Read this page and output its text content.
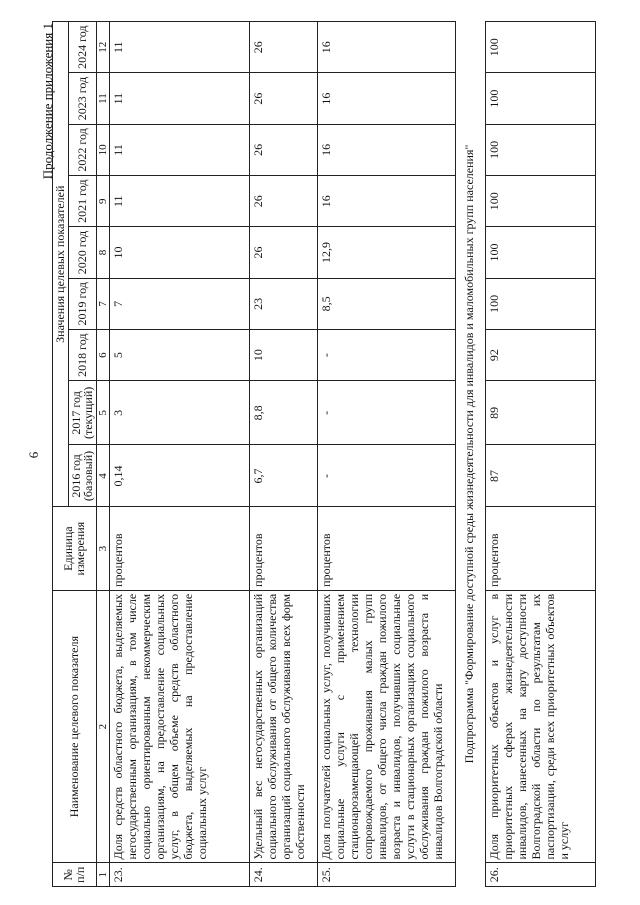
6
Продолжение приложения 1
№ п/п	Наименование целевого показателя	Единица измерения	Значения целевых показателей								
			2016 год (базовый)	2017 год (текущий)	2018 год	2019 год	2020 год	2021 год	2022 год	2023 год	2024 год
1	2	3	4	5	6	7	8	9	10	11	12
23.	Доля средств областного бюджета, выделяемых негосударственным организациям, в том числе социально ориентированным некоммерческим организациям, на предоставление социальных услуг, в общем объеме средств областного бюджета, выделяемых на предоставление социальных услуг	процентов	0,14	3	5	7	10	11	11	11	11
24.	Удельный вес негосударственных организаций социального обслуживания от общего количества организаций социального обслуживания всех форм собственности	процентов	6,7	8,8	10	23	26	26	26	26	26
25.	Доля получателей социальных услуг, получивших социальные услуги с применением стационарозамещающей технологии сопровождаемого проживания малых групп инвалидов, от общего числа граждан пожилого возраста и инвалидов, получивших социальные услуги в стационарных организациях социального обслуживания граждан пожилого возраста и инвалидов Волгоградской области	процентов	-	-	-	8,5	12,9	16	16	16	16
Подпрограмма "Формирование доступной среды жизнедеятельности для инвалидов и маломобильных групп населения"											
26.	Доля приоритетных объектов и услуг в приоритетных сферах жизнедеятельности инвалидов, нанесенных на карту доступности Волгоградской области по результатам их паспортизации, среди всех приоритетных объектов и услуг	процентов	87	89	92	100	100	100	100	100	100
